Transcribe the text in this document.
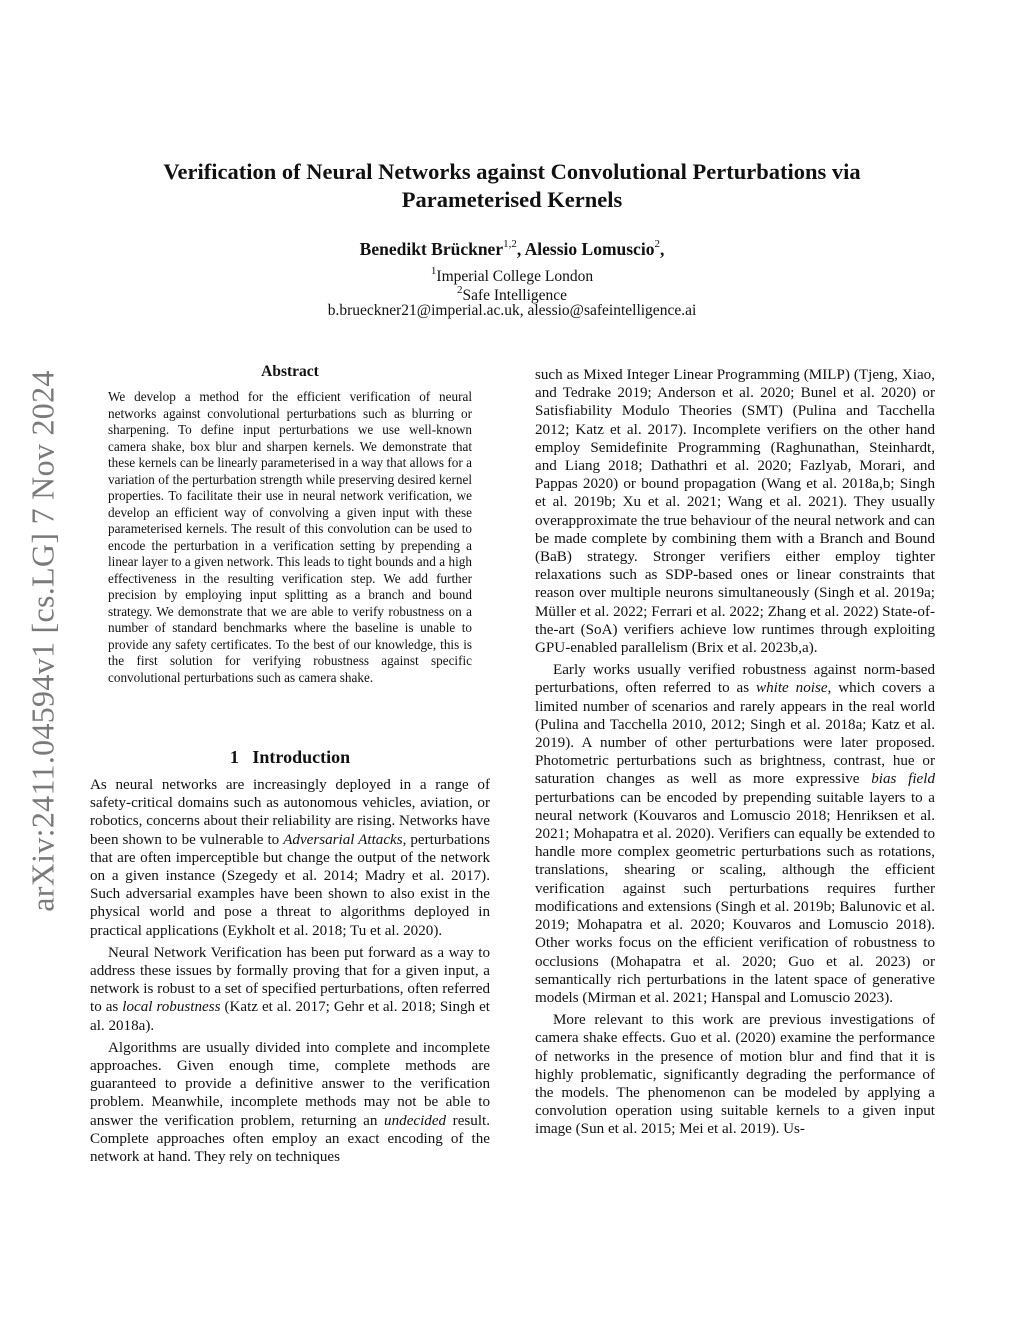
Verification of Neural Networks against Convolutional Perturbations via Parameterised Kernels
Benedikt Brückner$^{1,2}$, Alessio Lomuscio$^2$,
$^1$Imperial College London
$^2$Safe Intelligence
b.brueckner21@imperial.ac.uk, alessio@safeintelligence.ai
arXiv:2411.04594v1 [cs.LG] 7 Nov 2024	Abstract

We develop a method for the efficient verification of neural networks against convolutional perturbations such as blurring or sharpening. To define input perturbations we use well-known camera shake, box blur and sharpen kernels. We demonstrate that these kernels can be linearly parameterised in a way that allows for a variation of the perturbation strength while preserving desired kernel properties. To facilitate their use in neural network verification, we develop an efficient way of convolving a given input with these parameterised kernels. The result of this convolution can be used to encode the perturbation in a verification setting by prepending a linear layer to a given network. This leads to tight bounds and a high effectiveness in the resulting verification step. We add further precision by employing input splitting as a branch and bound strategy. We demonstrate that we are able to verify robustness on a number of standard benchmarks where the baseline is unable to provide any safety certificates. To the best of our knowledge, this is the first solution for verifying robustness against specific convolutional perturbations such as camera shake.

1 Introduction

As neural networks are increasingly deployed in a range of safety-critical domains such as autonomous vehicles, aviation, or robotics, concerns about their reliability are rising. Networks have been shown to be vulnerable to Adversarial Attacks, perturbations that are often imperceptible but change the output of the network on a given instance (Szegedy et al. 2014; Madry et al. 2017). Such adversarial examples have been shown to also exist in the physical world and pose a threat to algorithms deployed in practical applications (Eykholt et al. 2018; Tu et al. 2020).

Neural Network Verification has been put forward as a way to address these issues by formally proving that for a given input, a network is robust to a set of specified perturbations, often referred to as local robustness (Katz et al. 2017; Gehr et al. 2018; Singh et al. 2018a).

Algorithms are usually divided into complete and incomplete approaches. Given enough time, complete methods are guaranteed to provide a definitive answer to the verification problem. Meanwhile, incomplete methods may not be able to answer the verification problem, returning an undecided result. Complete approaches often employ an exact encoding of the network at hand. They rely on techniques

such as Mixed Integer Linear Programming (MILP) (Tjeng, Xiao, and Tedrake 2019; Anderson et al. 2020; Bunel et al. 2020) or Satisfiability Modulo Theories (SMT) (Pulina and Tacchella 2012; Katz et al. 2017). Incomplete verifiers on the other hand employ Semidefinite Programming (Raghunathan, Steinhardt, and Liang 2018; Dathathri et al. 2020; Fazlyab, Morari, and Pappas 2020) or bound propagation (Wang et al. 2018a,b; Singh et al. 2019b; Xu et al. 2021; Wang et al. 2021). They usually overapproximate the true behaviour of the neural network and can be made complete by combining them with a Branch and Bound (BaB) strategy. Stronger verifiers either employ tighter relaxations such as SDP-based ones or linear constraints that reason over multiple neurons simultaneously (Singh et al. 2019a; Müller et al. 2022; Ferrari et al. 2022; Zhang et al. 2022) State-of-the-art (SoA) verifiers achieve low runtimes through exploiting GPU-enabled parallelism (Brix et al. 2023b,a).

Early works usually verified robustness against norm-based perturbations, often referred to as white noise, which covers a limited number of scenarios and rarely appears in the real world (Pulina and Tacchella 2010, 2012; Singh et al. 2018a; Katz et al. 2019). A number of other perturbations were later proposed. Photometric perturbations such as brightness, contrast, hue or saturation changes as well as more expressive bias field perturbations can be encoded by prepending suitable layers to a neural network (Kouvaros and Lomuscio 2018; Henriksen et al. 2021; Mohapatra et al. 2020). Verifiers can equally be extended to handle more complex geometric perturbations such as rotations, translations, shearing or scaling, although the efficient verification against such perturbations requires further modifications and extensions (Singh et al. 2019b; Balunovic et al. 2019; Mohapatra et al. 2020; Kouvaros and Lomuscio 2018). Other works focus on the efficient verification of robustness to occlusions (Mohapatra et al. 2020; Guo et al. 2023) or semantically rich perturbations in the latent space of generative models (Mirman et al. 2021; Hanspal and Lomuscio 2023).

More relevant to this work are previous investigations of camera shake effects. Guo et al. (2020) examine the performance of networks in the presence of motion blur and find that it is highly problematic, significantly degrading the performance of the models. The phenomenon can be modeled by applying a convolution operation using suitable kernels to a given input image (Sun et al. 2015; Mei et al. 2019). Us-
